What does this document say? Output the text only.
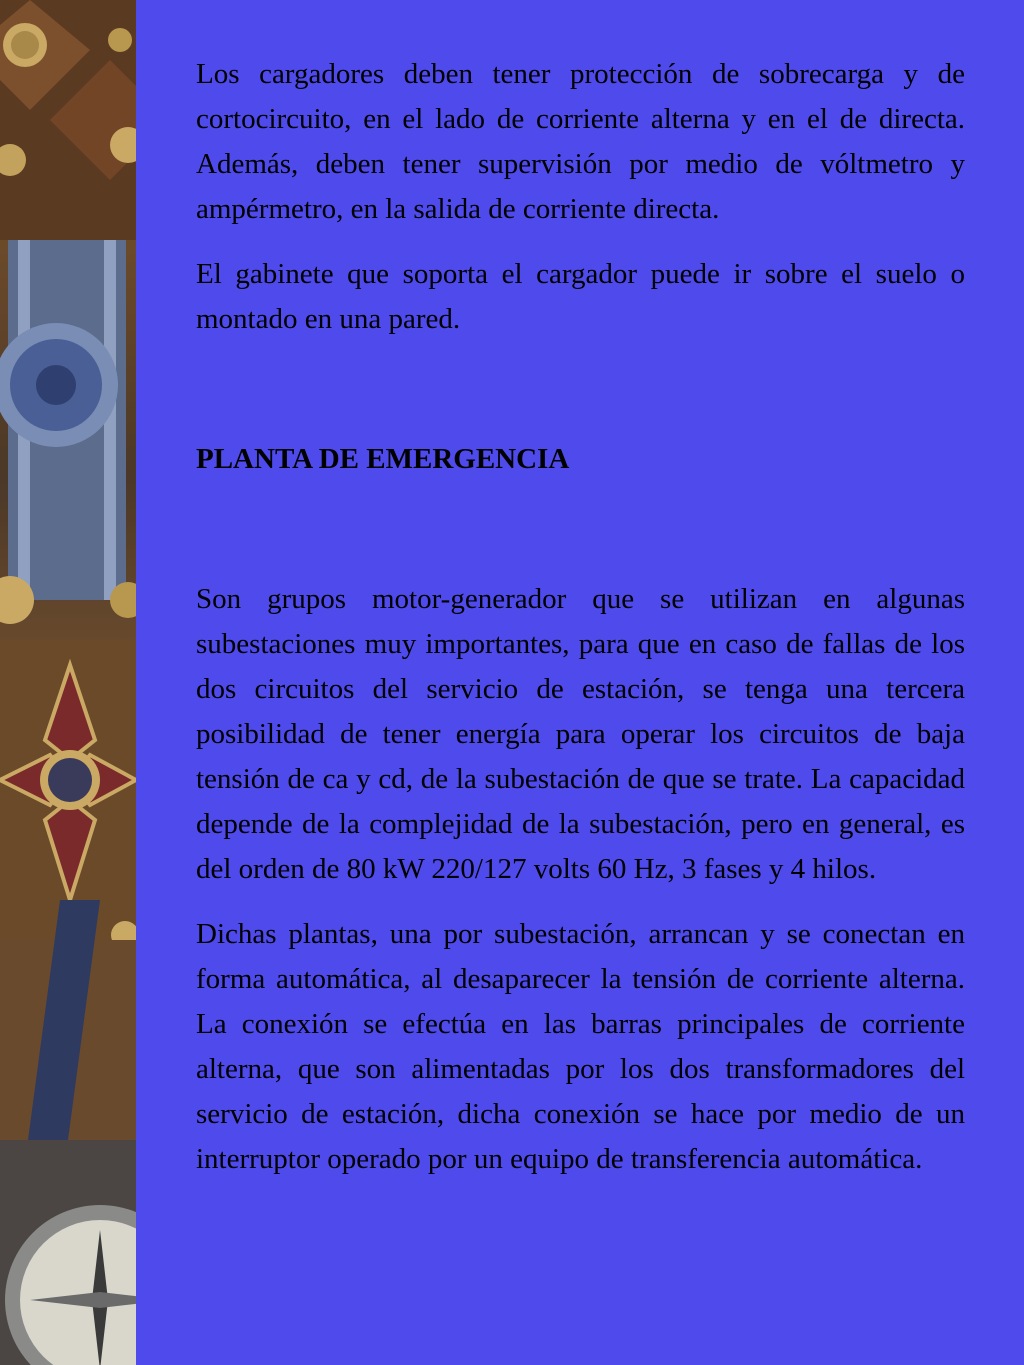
Los cargadores deben tener protección de sobrecarga y de cortocircuito, en el lado de corriente alterna y en el de directa. Además, deben tener supervisión por medio de vóltmetro y ampérmetro, en la salida de corriente directa.

El gabinete que soporta el cargador puede ir sobre el suelo o montado en una pared.

PLANTA DE EMERGENCIA

Son grupos motor-generador que se utilizan en algunas subestaciones muy importantes, para que en caso de fallas de los dos circuitos del servicio de estación, se tenga una tercera posibilidad de tener energía para operar los circuitos de baja tensión de ca y cd, de la subestación de que se trate. La capacidad depende de la complejidad de la subestación, pero en general, es del orden de 80 kW 220/127 volts 60 Hz, 3 fases y 4 hilos.

Dichas plantas, una por subestación, arrancan y se conectan en forma automática, al desaparecer la tensión de corriente alterna. La conexión se efectúa en las barras principales de corriente alterna, que son alimentadas por los dos transformadores del servicio de estación, dicha conexión se hace por medio de un interruptor operado por un equipo de transferencia automática.
